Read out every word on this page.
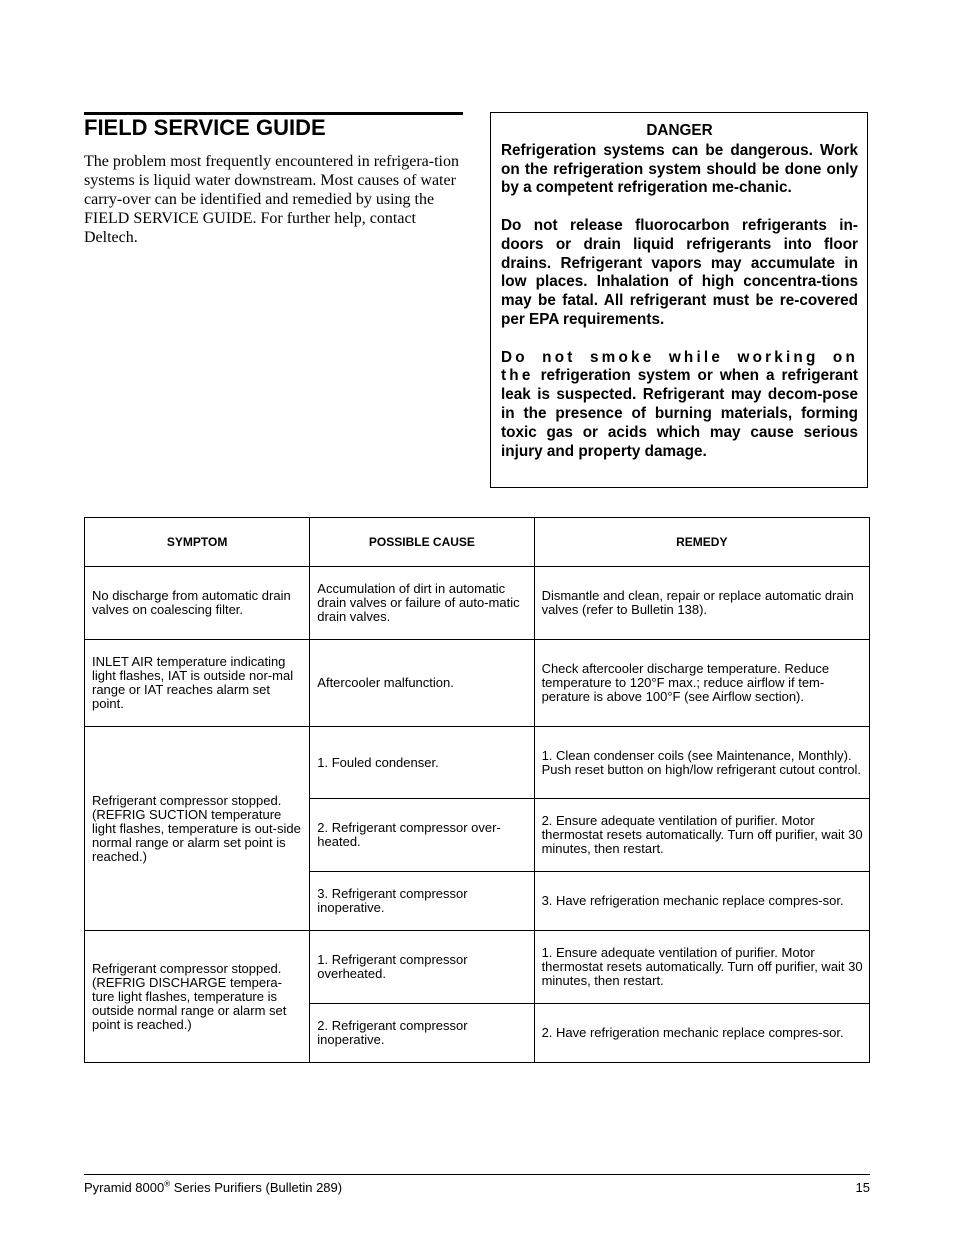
FIELD SERVICE GUIDE

The problem most frequently encountered in refrigera-tion systems is liquid water downstream. Most causes of water carry-over can be identified and remedied by using the FIELD SERVICE GUIDE. For further help, contact Deltech.

DANGER

Refrigeration systems can be dangerous. Work on the refrigeration system should be done only by a competent refrigeration me-chanic.

Do not release fluorocarbon refrigerants in-doors or drain liquid refrigerants into floor drains. Refrigerant vapors may accumulate in low places. Inhalation of high concentra-tions may be fatal. All refrigerant must be re-covered per EPA requirements.

Do not smoke while working on the refrigeration system or when a refrigerant leak is suspected. Refrigerant may decom-pose in the presence of burning materials, forming toxic gas or acids which may cause serious injury and property damage.

SYMPTOM	POSSIBLE CAUSE	REMEDY
No discharge from automatic drain valves on coalescing filter.	Accumulation of dirt in automatic drain valves or failure of auto-matic drain valves.	Dismantle and clean, repair or replace automatic drain valves (refer to Bulletin 138).
INLET AIR temperature indicating light flashes, IAT is outside nor-mal range or IAT reaches alarm set point.	Aftercooler malfunction.	Check aftercooler discharge temperature. Reduce temperature to 120°F max.; reduce airflow if tem-perature is above 100°F (see Airflow section).
Refrigerant compressor stopped. (REFRIG SUCTION temperature light flashes, temperature is out-side normal range or alarm set point is reached.)	1. Fouled condenser.	1. Clean condenser coils (see Maintenance, Monthly). Push reset button on high/low refrigerant cutout control.
	2. Refrigerant compressor over-heated.	2. Ensure adequate ventilation of purifier. Motor thermostat resets automatically. Turn off purifier, wait 30 minutes, then restart.
	3. Refrigerant compressor inoperative.	3. Have refrigeration mechanic replace compres-sor.
Refrigerant compressor stopped. (REFRIG DISCHARGE tempera-ture light flashes, temperature is outside normal range or alarm set point is reached.)	1. Refrigerant compressor overheated.	1. Ensure adequate ventilation of purifier. Motor thermostat resets automatically. Turn off purifier, wait 30 minutes, then restart.
	2. Refrigerant compressor inoperative.	2. Have refrigeration mechanic replace compres-sor.
Pyramid 8000® Series Purifiers (Bulletin 289)	15
